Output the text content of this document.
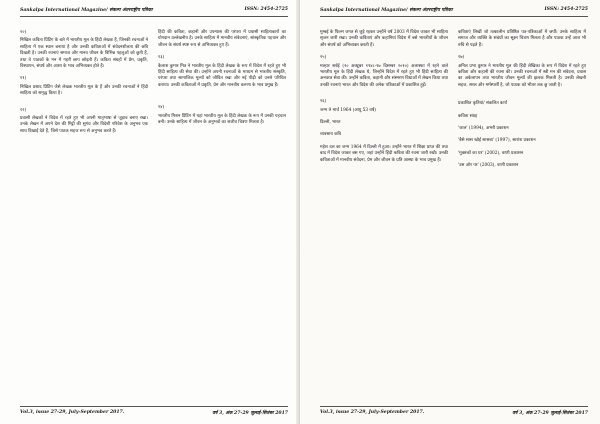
Sankalpa International Magazine/ संकल्प अंतरराष्ट्रीय पत्रिका	ISSN: 2454-2725
१०)
निखिल कविता प्रिंटिंग के बारे में भारतीय मूल के हिंदी लेखक हैं, जिनकी रचनाओं ने साहित्य में एक स्थान बनाया है और उनकी कविताओं में संवेदनशीलता की छवि दिखती है। उनकी रचनाएं समाज और मानव जीवन के विभिन्न पहलुओं को छूती हैं, तथा वे पाठकों के मन में गहरी छाप छोड़ती हैं। कविता संग्रहों में प्रेम, प्रकृति, विस्थापन, संघर्ष और आशा के भाव अभिव्यक्त होते हैं।
११)
निखिल प्रसाद प्रिंटिंग जैसे लेखक भारतीय मूल के हैं और उनकी रचनाओं ने हिंदी साहित्य को समृद्ध किया है।
१२)
प्रवासी लेखकों ने विदेश में रहते हुए भी अपनी मातृभाषा से जुड़ाव बनाए रखा। उनके लेखन में अपने देश की मिट्टी की सुगंध और विदेशी परिवेश के अनुभव एक साथ दिखाई देते हैं, जिसे पाठक सहज रूप से अनुभव करते हैं।
हिंदी की कविता, कहानी और उपन्यास की परंपरा में प्रवासी साहित्यकारों का योगदान उल्लेखनीय है। उनके साहित्य में मानवीय संवेदनाएं, सांस्कृतिक पहचान और जीवन के संघर्ष स्पष्ट रूप से अभिव्यक्त हुए हैं।
१३)
कैलाश कुमार मित्र ने भारतीय मूल के हिंदी लेखक के रूप में विदेश में रहते हुए भी हिंदी साहित्य की सेवा की। उन्होंने अपनी रचनाओं के माध्यम से भारतीय संस्कृति, परंपरा तथा सामाजिक मूल्यों को जीवित रखा और नई पीढ़ी को उनसे परिचित कराया। उनकी कविताओं में प्रकृति, प्रेम और मानवीय करुणा के भाव प्रमुख हैं।
१४)
भारतीय मिशन प्रिंटिंग में यहां भारतीय मूल के हिंदी लेखक के रूप में उनकी पहचान बनी। उनके साहित्य में जीवन के अनुभवों का सजीव चित्रण मिलता है।
Vol.3, issue 27-29, July-September 2017.	वर्ष 3, अंक 27-29 जुलाई-सितंबर 2017
Sankalpa International Magazine/ संकल्प अंतरराष्ट्रीय पत्रिका	ISSN: 2454-2725
मुम्बई के फिल्म जगत से जुड़े रहकर उन्होंने वर्ष 2003 में विदेश जाकर भी साहित्य सृजन जारी रखा। उनकी कविताएं और कहानियां विदेश में बसे भारतीयों के जीवन और संघर्ष को अभिव्यक्त करती हैं।
१५)
मल्हार सर्वई (२० अक्टूबर १९४८-१७ दिसम्बर २०१०) अलास्का में रहने वाले भारतीय मूल के हिंदी लेखक थे, जिन्होंने विदेश में रहते हुए भी हिंदी साहित्य की अनवरत सेवा की। उन्होंने कविता, कहानी और संस्मरण विधाओं में लेखन किया तथा उनकी रचनाएं भारत और विदेश की अनेक पत्रिकाओं में प्रकाशित हुईं।
१६)
जन्म 9 मार्च 1964 (आयु 53 वर्ष)
दिल्ली, भारत
व्यवसाय कवि
महेश दत्त का जन्म 1964 में दिल्ली में हुआ। उन्होंने भारत में शिक्षा प्राप्त की तथा बाद में विदेश जाकर बस गए, जहां उन्होंने हिंदी कविता की रचना जारी रखी। उनकी कविताओं में मानवीय संवेदना, प्रेम और जीवन के प्रति आस्था के भाव प्रमुख हैं।
कविताएं लिखीं जो तत्कालीन प्रतिष्ठित पत्र-पत्रिकाओं में छपीं। उनके साहित्य में समाज और व्यक्ति के संबंधों का सूक्ष्म चित्रण मिलता है और पाठक उन्हें आज भी रुचि से पढ़ते हैं।
१७)
अनिल प्रभा कुमार ने भारतीय मूल की हिंदी लेखिका के रूप में विदेश में रहते हुए कविता और कहानी की रचना की। उनकी रचनाओं में स्त्री मन की संवेदना, प्रवास का अकेलापन तथा भारतीय जीवन मूल्यों की झलक मिलती है। उनकी लेखनी सहज, सरल और मर्मस्पर्शी है, जो पाठक को भीतर तक छू जाती है।
प्रकाशित कृतियां/ संकलित कार्य
कविता संग्रह
'जाल' (1994), अभरी प्रकाशन
'बैसे सास खोई सासबा' (1997), सारांश प्रकाशन
'मुक्तकों का घर' (2002), वाणी प्रकाशन
'उस ओर पर' (2003), वाणी प्रकाशन
Vol.3, issue 27-29, July-September 2017.	वर्ष 3, अंक 27-29 जुलाई-सितंबर 2017
